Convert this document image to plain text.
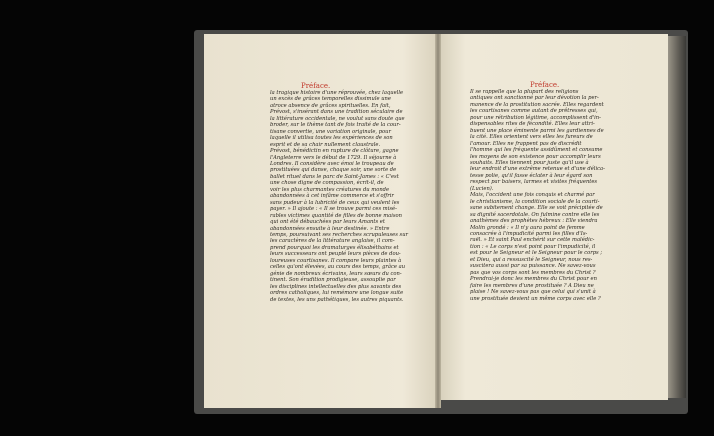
Préface.	Préface.
la tragique histoire d'une réprouvée, chez laquelle
un excès de grâces temporelles dissimule une
atroce absence de grâces spirituelles. En fait,
Prévost, s'insérant dans une tradition séculaire de
la littérature occidentale, ne voulut sans doute que
broder, sur le thème tant de fois traité de la cour-
tisane convertie, une variation originale, pour
laquelle il utilisa toutes les expériences de son
esprit et de sa chair nullement claustrale.
Prévost, bénédictin en rupture de clôture, gagne
l'Angleterre vers le début de 1729. Il séjourne à
Londres. Il considère avec émoi le troupeau de
prostituées qui danse, chaque soir, une sorte de
ballet rituel dans le parc de Saint-James : « C'est
une chose digne de compassion, écrit-il, de
voir les plus charmantes créatures du monde
abandonnées à cet infâme commerce et s'offrir
sans pudeur à la lubricité de ceux qui veulent les
payer. » Il ajoute : « Il se trouve parmi ces misé-
rables victimes quantité de filles de bonne maison
qui ont été débauchées par leurs Amants et
abandonnées ensuite à leur destinée. » Entre
temps, poursuivant ses recherches scrupuleuses sur
les caractères de la littérature anglaise, il com-
prend pourquoi les dramaturges élisabéthains et
leurs successeurs ont peuplé leurs pièces de dou-
loureuses courtisanes. Il compare leurs plaintes à
celles qu'ont élevées, au cours des temps, grâce au
génie de nombreux écrivains, leurs sœurs du con-
tinent. Son érudition prodigieuse, assouplie par
les disciplines intellectuelles des plus savants des
ordres catholiques, lui remémore une longue suite
de textes, les uns pathétiques, les autres piquants.
Il se rappelle que la plupart des religions
antiques ont sanctionné par leur dévotion la per-
manence de la prostitution sacrée. Elles regardent
les courtisanes comme autant de prêtresses qui,
pour une rétribution légitime, accomplissent d'in-
dispensables rites de fécondité. Elles leur attri-
buent une place éminente parmi les gardiennes de
la cité. Elles orientent vers elles les fureurs de
l'amour. Elles ne frappent pas de discrédit
l'homme qui les fréquente assidûment et consume
les moyens de son existence pour accomplir leurs
souhaits. Elles tiennent pour juste qu'il use à
leur endroit d'une extrême retenue et d'une délica-
tesse polie, qu'il fasse éclater à leur égard son
respect par baisers, larmes et visites fréquentes
(Lucien).
Mais, l'occident une fois conquis et charmé par
le christianisme, la condition sociale de la courti-
sane subitement change. Elle se voit précipitée de
sa dignité sacerdotale. On fulmine contre elle les
anathèmes des prophètes hébreux : Elle viendra
Molin grondé : « Il n'y aura point de femme
consacrée à l'impudicité parmi les filles d'Is-
raël. » Et saint Paul enchérit sur cette malédic-
tion : « Le corps n'est point pour l'impudicité, il
est pour le Seigneur et le Seigneur pour le corps ;
et Dieu, qui a ressuscité le Seigneur, nous res-
suscitera aussi par sa puissance. Ne savez-vous
pas que vos corps sont les membres du Christ ?
Prendrai-je donc les membres du Christ pour en
faire les membres d'une prostituée ? A Dieu ne
plaise ! Ne savez-vous pas que celui qui s'unit à
une prostituée devient un même corps avec elle ?
